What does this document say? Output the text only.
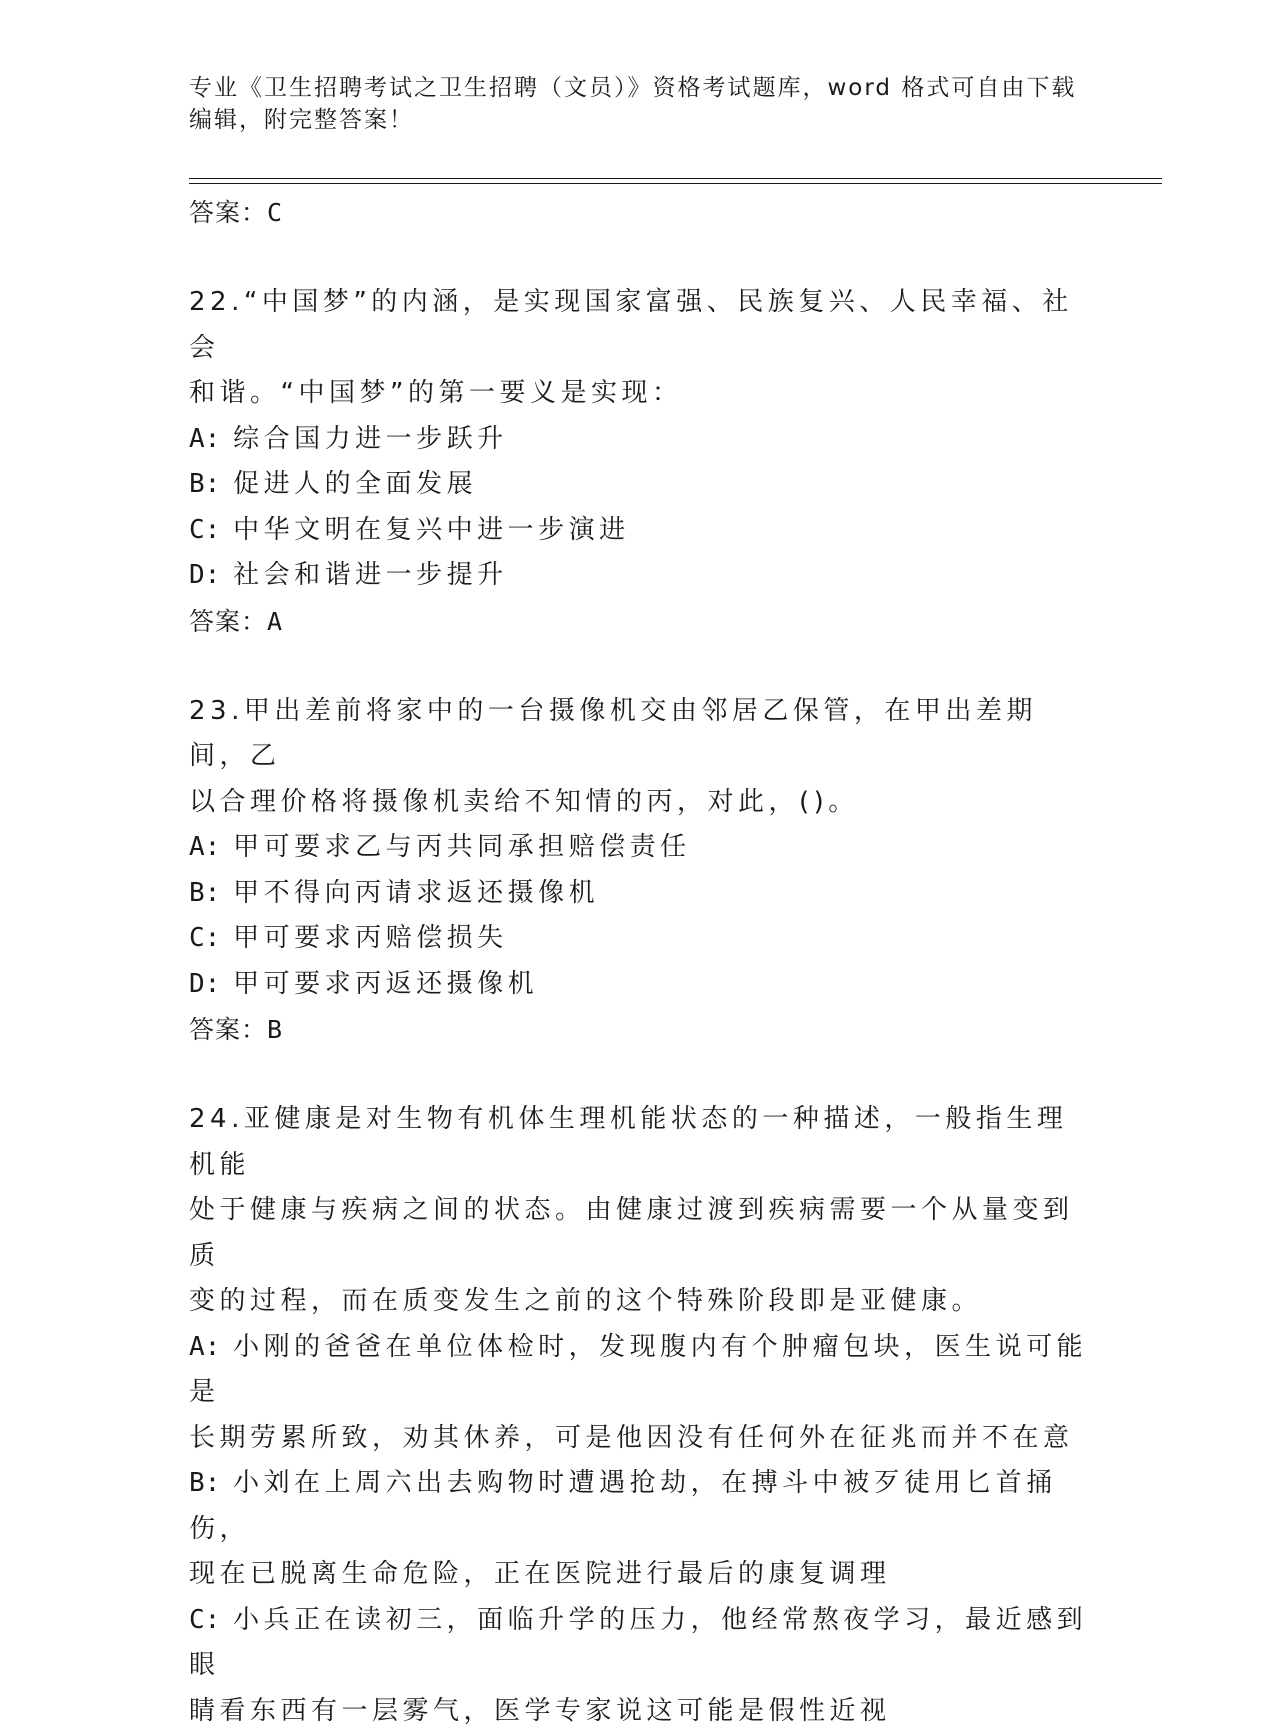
专业《卫生招聘考试之卫生招聘（文员）》资格考试题库，word 格式可自由下载
编辑，附完整答案！
答案：C
22.“中国梦”的内涵，是实现国家富强、民族复兴、人民幸福、社会
和谐。“中国梦”的第一要义是实现：
A: 综合国力进一步跃升
B: 促进人的全面发展
C: 中华文明在复兴中进一步演进
D: 社会和谐进一步提升
答案：A
23.甲出差前将家中的一台摄像机交由邻居乙保管，在甲出差期间，乙
以合理价格将摄像机卖给不知情的丙，对此，()。
A: 甲可要求乙与丙共同承担赔偿责任
B: 甲不得向丙请求返还摄像机
C: 甲可要求丙赔偿损失
D: 甲可要求丙返还摄像机
答案：B
24.亚健康是对生物有机体生理机能状态的一种描述，一般指生理机能
处于健康与疾病之间的状态。由健康过渡到疾病需要一个从量变到质
变的过程，而在质变发生之前的这个特殊阶段即是亚健康。
A: 小刚的爸爸在单位体检时，发现腹内有个肿瘤包块，医生说可能是
长期劳累所致，劝其休养，可是他因没有任何外在征兆而并不在意
B: 小刘在上周六出去购物时遭遇抢劫，在搏斗中被歹徒用匕首捅伤，
现在已脱离生命危险，正在医院进行最后的康复调理
C: 小兵正在读初三，面临升学的压力，他经常熬夜学习，最近感到眼
睛看东西有一层雾气，医学专家说这可能是假性近视
